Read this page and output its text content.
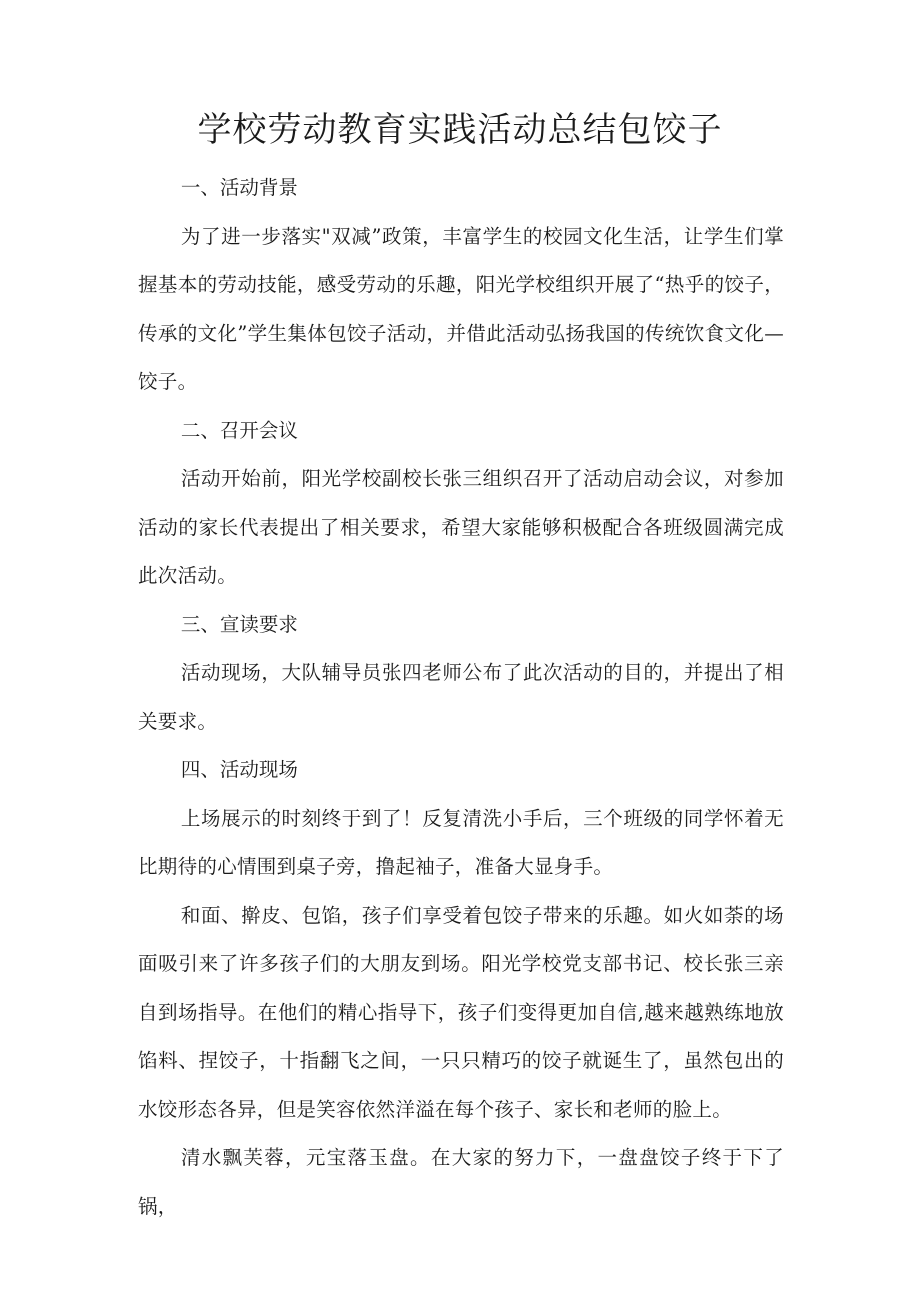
学校劳动教育实践活动总结包饺子

一、活动背景

为了进一步落实"双减”政策，丰富学生的校园文化生活，让学生们掌握基本的劳动技能，感受劳动的乐趣，阳光学校组织开展了“热乎的饺子，传承的文化”学生集体包饺子活动，并借此活动弘扬我国的传统饮食文化—饺子。

二、召开会议

活动开始前，阳光学校副校长张三组织召开了活动启动会议，对参加活动的家长代表提出了相关要求，希望大家能够积极配合各班级圆满完成此次活动。

三、宣读要求

活动现场，大队辅导员张四老师公布了此次活动的目的，并提出了相关要求。

四、活动现场

上场展示的时刻终于到了！反复清洗小手后，三个班级的同学怀着无比期待的心情围到桌子旁，撸起袖子，准备大显身手。

和面、擀皮、包馅，孩子们享受着包饺子带来的乐趣。如火如荼的场面吸引来了许多孩子们的大朋友到场。阳光学校党支部书记、校长张三亲自到场指导。在他们的精心指导下，孩子们变得更加自信,越来越熟练地放馅料、捏饺子，十指翻飞之间，一只只精巧的饺子就诞生了，虽然包出的水饺形态各异，但是笑容依然洋溢在每个孩子、家长和老师的脸上。

清水飘芙蓉，元宝落玉盘。在大家的努力下，一盘盘饺子终于下了锅，
